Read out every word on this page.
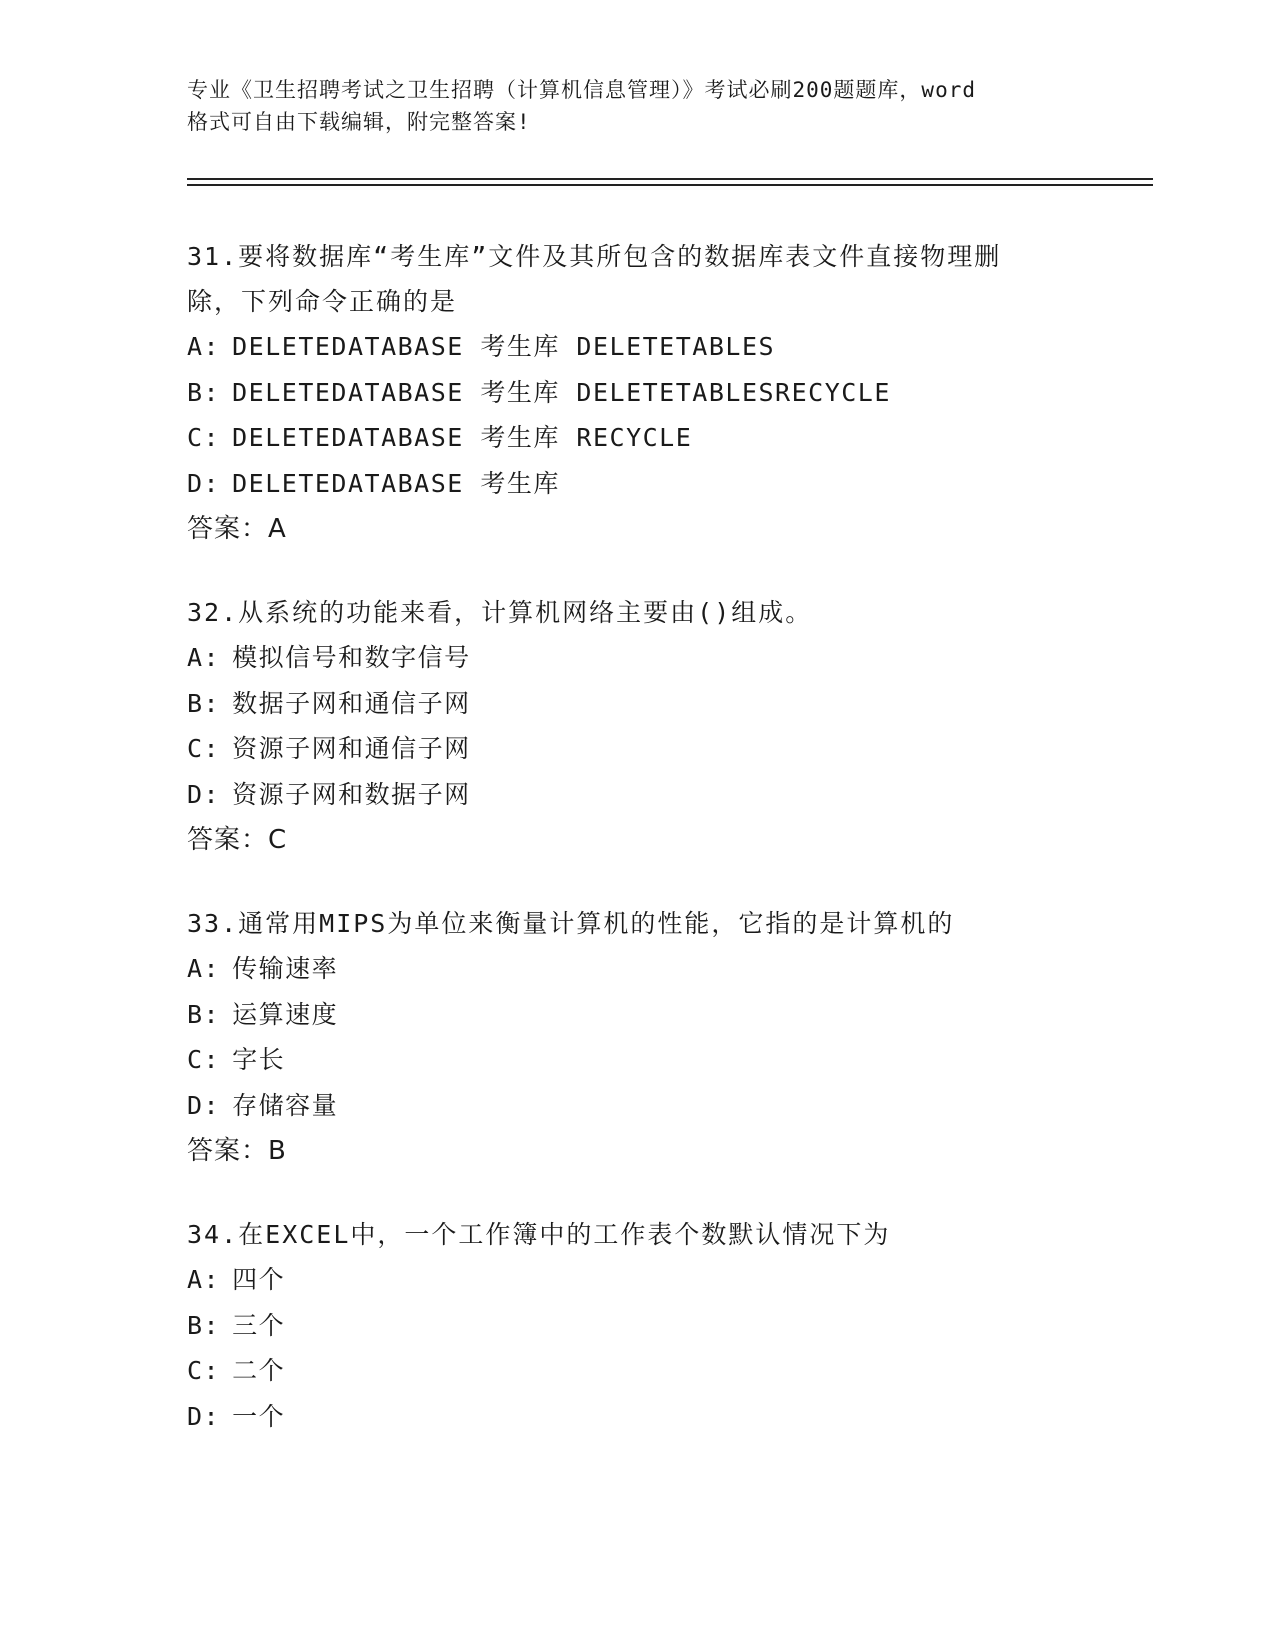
专业《卫生招聘考试之卫生招聘（计算机信息管理）》考试必刷200题题库，word
格式可自由下载编辑，附完整答案!
31.要将数据库“考生库”文件及其所包含的数据库表文件直接物理删
除，下列命令正确的是
A: DELETEDATABASE 考生库 DELETETABLES
B: DELETEDATABASE 考生库 DELETETABLESRECYCLE
C: DELETEDATABASE 考生库 RECYCLE
D: DELETEDATABASE 考生库
答案：A
32.从系统的功能来看，计算机网络主要由()组成。
A: 模拟信号和数字信号
B: 数据子网和通信子网
C: 资源子网和通信子网
D: 资源子网和数据子网
答案：C
33.通常用MIPS为单位来衡量计算机的性能，它指的是计算机的
A: 传输速率
B: 运算速度
C: 字长
D: 存储容量
答案：B
34.在EXCEL中，一个工作簿中的工作表个数默认情况下为
A: 四个
B: 三个
C: 二个
D: 一个
